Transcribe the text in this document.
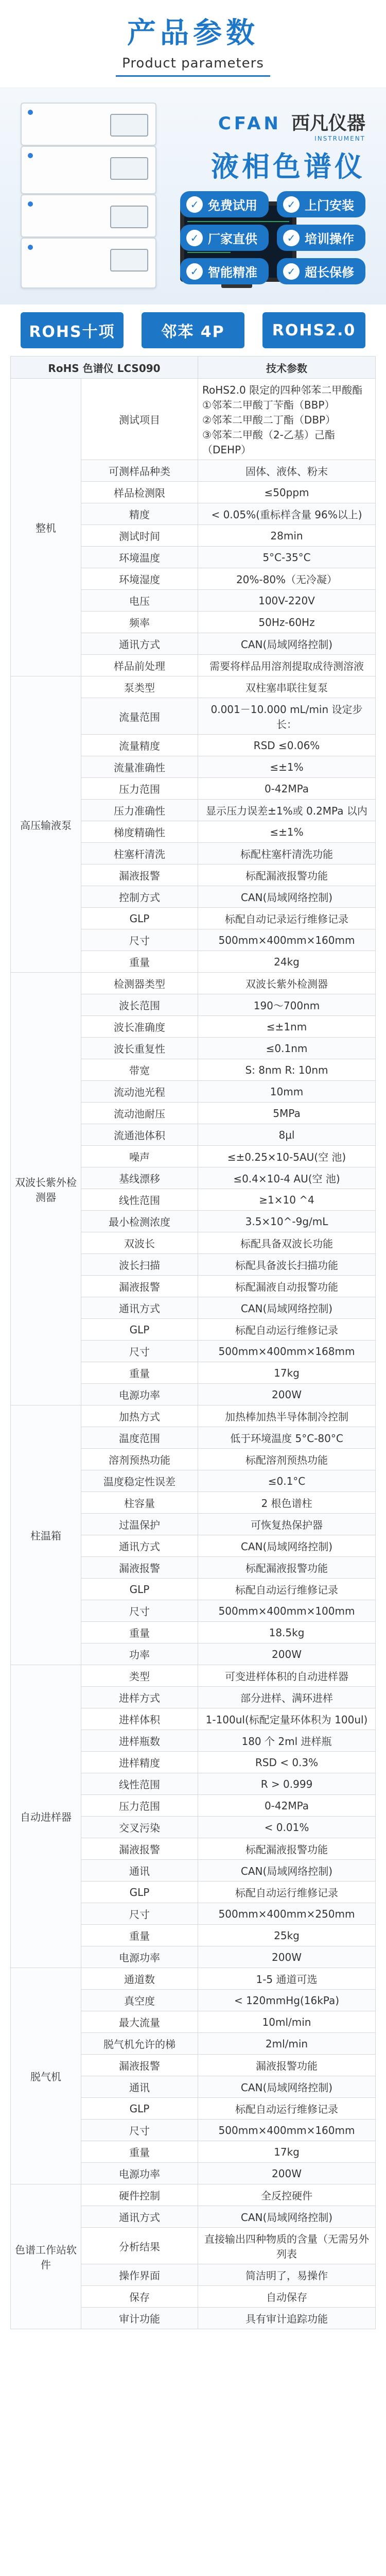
产品参数
Product parameters
CFAN 西凡仪器
INSTRUMENT
液相色谱仪
✓ 免费试用	✓ 上门安装
✓ 厂家直供	✓ 培训操作
✓ 智能精准	✓ 超长保修
ROHS十项	邻苯 4P	ROHS2.0
RoHS 色谱仪 LCS090		技术参数
整机	测试项目	RoHS2.0 限定的四种邻苯二甲酸酯
①邻苯二甲酸丁苄酯（BBP）
②邻苯二甲酸二丁酯（DBP）
③邻苯二甲酸（2-乙基）己酯
（DEHP）

	可测样品种类	固体、液体、粉末
	样品检测限	≤50ppm
	精度	< 0.05%(重标样含量 96%以上)
	测试时间	28min
	环境温度	5°C-35°C
	环境湿度	20%-80%（无冷凝）
	电压	100V-220V
	频率	50Hz-60Hz
	通讯方式	CAN(局域网络控制)
	样品前处理	需要将样品用溶剂提取成待测溶液
高压输液泵	泵类型	双柱塞串联往复泵
	流量范围	0.001－10.000 mL/min 设定步长：
	流量精度	RSD ≤0.06%
	流量准确性	≤±1%
	压力范围	0-42MPa
	压力准确性	显示压力误差±1%或 0.2MPa 以内
	梯度精确性	≤±1%
	柱塞杆清洗	标配柱塞杆清洗功能
	漏液报警	标配漏液报警功能
	控制方式	CAN(局域网络控制)
	GLP	标配自动记录运行维修记录
	尺寸	500mm×400mm×160mm
	重量	24kg
双波长紫外检测器	检测器类型	双波长紫外检测器
	波长范围	190～700nm
	波长准确度	≤±1nm
	波长重复性	≤0.1nm
	带宽	S: 8nm R: 10nm
	流动池光程	10mm
	流动池耐压	5MPa
	流通池体积	8μl
	噪声	≤±0.25×10-5AU(空 池)
	基线漂移	≤0.4×10-4 AU(空 池)
	线性范围	≥1×10 ^4
	最小检测浓度	3.5×10^-9g/mL
	双波长	标配具备双波长功能
	波长扫描	标配具备波长扫描功能
	漏液报警	标配漏液自动报警功能
	通讯方式	CAN(局域网络控制)
	GLP	标配自动运行维修记录
	尺寸	500mm×400mm×168mm
	重量	17kg
	电源功率	200W
柱温箱	加热方式	加热棒加热半导体制冷控制
	温度范围	低于环境温度 5°C-80°C
	溶剂预热功能	标配溶剂预热功能
	温度稳定性误差	≤0.1°C
	柱容量	2 根色谱柱
	过温保护	可恢复热保护器
	通讯方式	CAN(局域网络控制)
	漏液报警	标配漏液报警功能
	GLP	标配自动运行维修记录
	尺寸	500mm×400mm×100mm
	重量	18.5kg
	功率	200W
自动进样器	类型	可变进样体积的自动进样器
	进样方式	部分进样、满环进样
	进样体积	1-100ul(标配定量环体积为 100ul)
	进样瓶数	180 个 2ml 进样瓶
	进样精度	RSD < 0.3%
	线性范围	R > 0.999
	压力范围	0-42MPa
	交叉污染	< 0.01%
	漏液报警	标配漏液报警功能
	通讯	CAN(局域网络控制)
	GLP	标配自动运行维修记录
	尺寸	500mm×400mm×250mm
	重量	25kg
	电源功率	200W
脱气机	通道数	1-5 通道可选
	真空度	< 120mmHg(16kPa)
	最大流量	10ml/min
	脱气机允许的梯	2ml/min
	漏液报警	漏液报警功能
	通讯	CAN(局域网络控制)
	GLP	标配自动运行维修记录
	尺寸	500mm×400mm×160mm
	重量	17kg
	电源功率	200W
色谱工作站软件	硬件控制	全反控硬件
	通讯方式	CAN(局域网络控制)
	分析结果	直接输出四种物质的含量（无需另外列表
	操作界面	简洁明了，易操作
	保存	自动保存
	审计功能	具有审计追踪功能
